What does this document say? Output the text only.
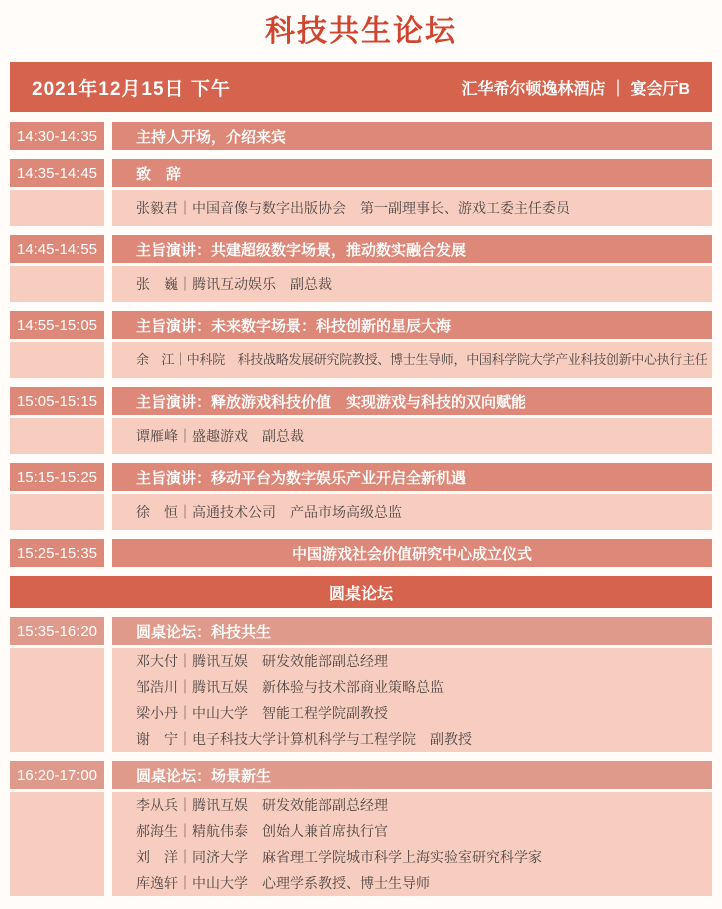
科技共生论坛
2021年12月15日 下午	汇华希尔顿逸林酒店 ｜ 宴会厅B
14:30-14:35	主持人开场，介绍来宾
14:35-14:45	致　辞
张毅君｜中国音像与数字出版协会　第一副理事长、游戏工委主任委员
14:45-14:55	主旨演讲：共建超级数字场景，推动数实融合发展
张　巍｜腾讯互动娱乐　副总裁
14:55-15:05	主旨演讲：未来数字场景：科技创新的星辰大海
余　江｜中科院　科技战略发展研究院教授、博士生导师，中国科学院大学产业科技创新中心执行主任
15:05-15:15	主旨演讲：释放游戏科技价值　实现游戏与科技的双向赋能
谭雁峰｜盛趣游戏　副总裁
15:15-15:25	主旨演讲：移动平台为数字娱乐产业开启全新机遇
徐　恒｜高通技术公司　产品市场高级总监
15:25-15:35	中国游戏社会价值研究中心成立仪式
圆桌论坛
15:35-16:20	圆桌论坛：科技共生
邓大付｜腾讯互娱　研发效能部副总经理
邹浩川｜腾讯互娱　新体验与技术部商业策略总监
梁小丹｜中山大学　智能工程学院副教授
谢　宁｜电子科技大学计算机科学与工程学院　副教授
16:20-17:00	圆桌论坛：场景新生
李从兵｜腾讯互娱　研发效能部副总经理
郝海生｜精航伟泰　创始人兼首席执行官
刘　洋｜同济大学　麻省理工学院城市科学上海实验室研究科学家
库逸轩｜中山大学　心理学系教授、博士生导师
